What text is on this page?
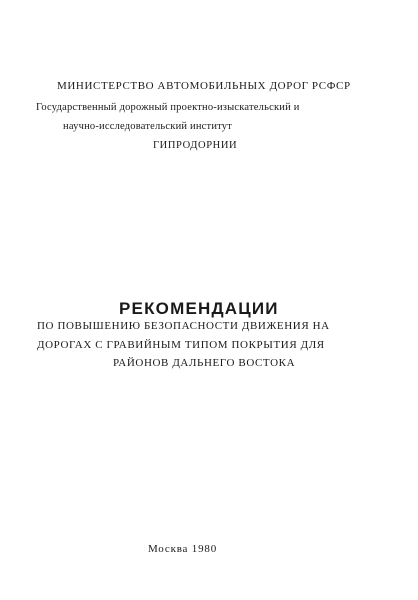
МИНИСТЕРСТВО АВТОМОБИЛЬНЫХ ДОРОГ РСФСР
Государственный дорожный проектно-изыскательский и
научно-исследовательский институт
ГИПРОДОРНИИ
РЕКОМЕНДАЦИИ
ПО ПОВЫШЕНИЮ БЕЗОПАСНОСТИ ДВИЖЕНИЯ НА
ДОРОГАХ С ГРАВИЙНЫМ ТИПОМ ПОКРЫТИЯ ДЛЯ
РАЙОНОВ ДАЛЬНЕГО ВОСТОКА
Москва 1980
